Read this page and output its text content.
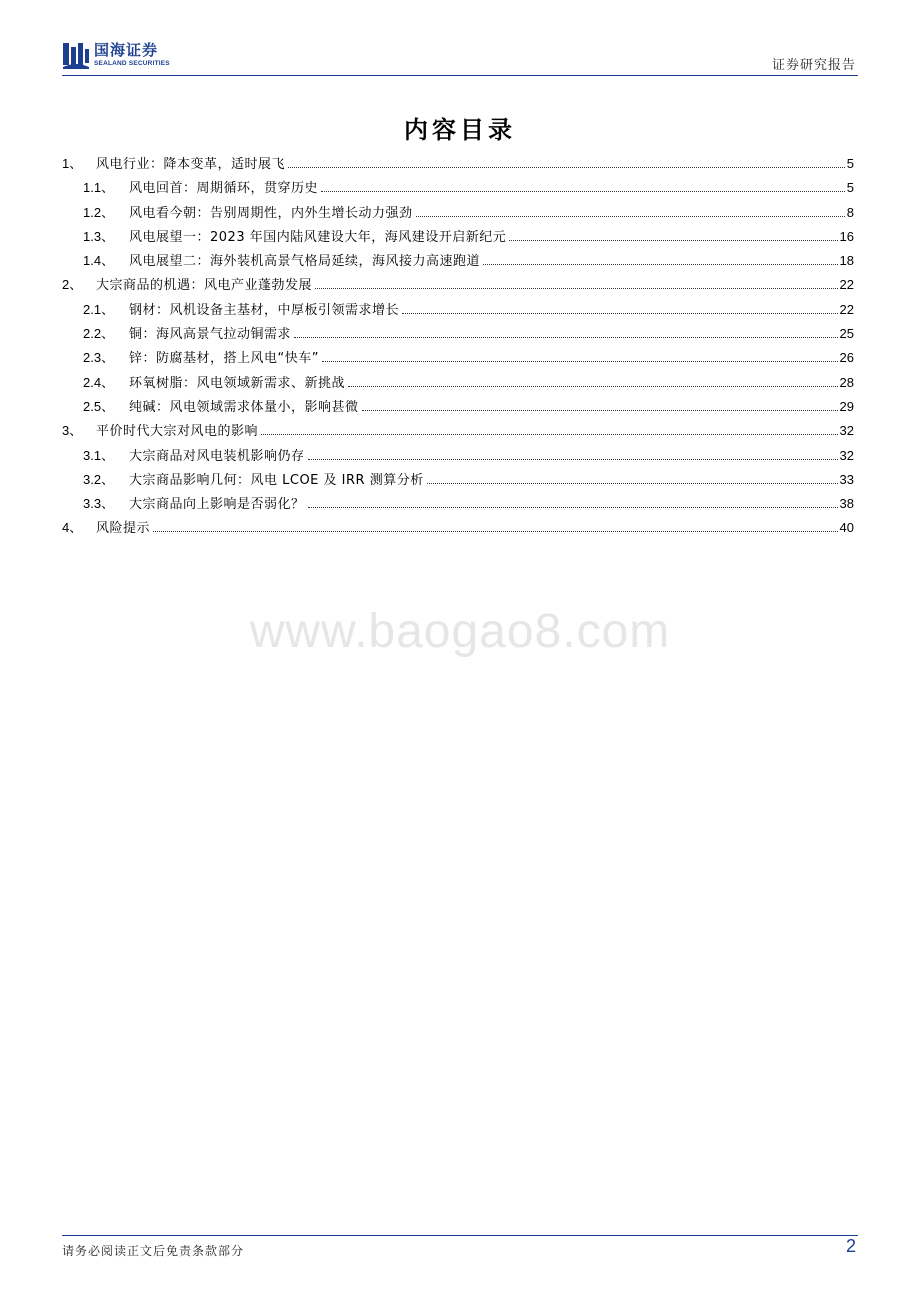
国海证券
SEALAND SECURITIES	证券研究报告
内容目录
1、	风电行业：降本变革，适时展飞	5
1.1、	风电回首：周期循环，贯穿历史	5
1.2、	风电看今朝：告别周期性，内外生增长动力强劲	8
1.3、	风电展望一：2023 年国内陆风建设大年，海风建设开启新纪元	16
1.4、	风电展望二：海外装机高景气格局延续，海风接力高速跑道	18
2、	大宗商品的机遇：风电产业蓬勃发展	22
2.1、	钢材：风机设备主基材，中厚板引领需求增长	22
2.2、	铜：海风高景气拉动铜需求	25
2.3、	锌：防腐基材，搭上风电“快车”	26
2.4、	环氧树脂：风电领域新需求、新挑战	28
2.5、	纯碱：风电领域需求体量小，影响甚微	29
3、	平价时代大宗对风电的影响	32
3.1、	大宗商品对风电装机影响仍存	32
3.2、	大宗商品影响几何：风电 LCOE 及 IRR 测算分析	33
3.3、	大宗商品向上影响是否弱化？	38
4、	风险提示	40
www.baogao8.com
请务必阅读正文后免责条款部分	2
